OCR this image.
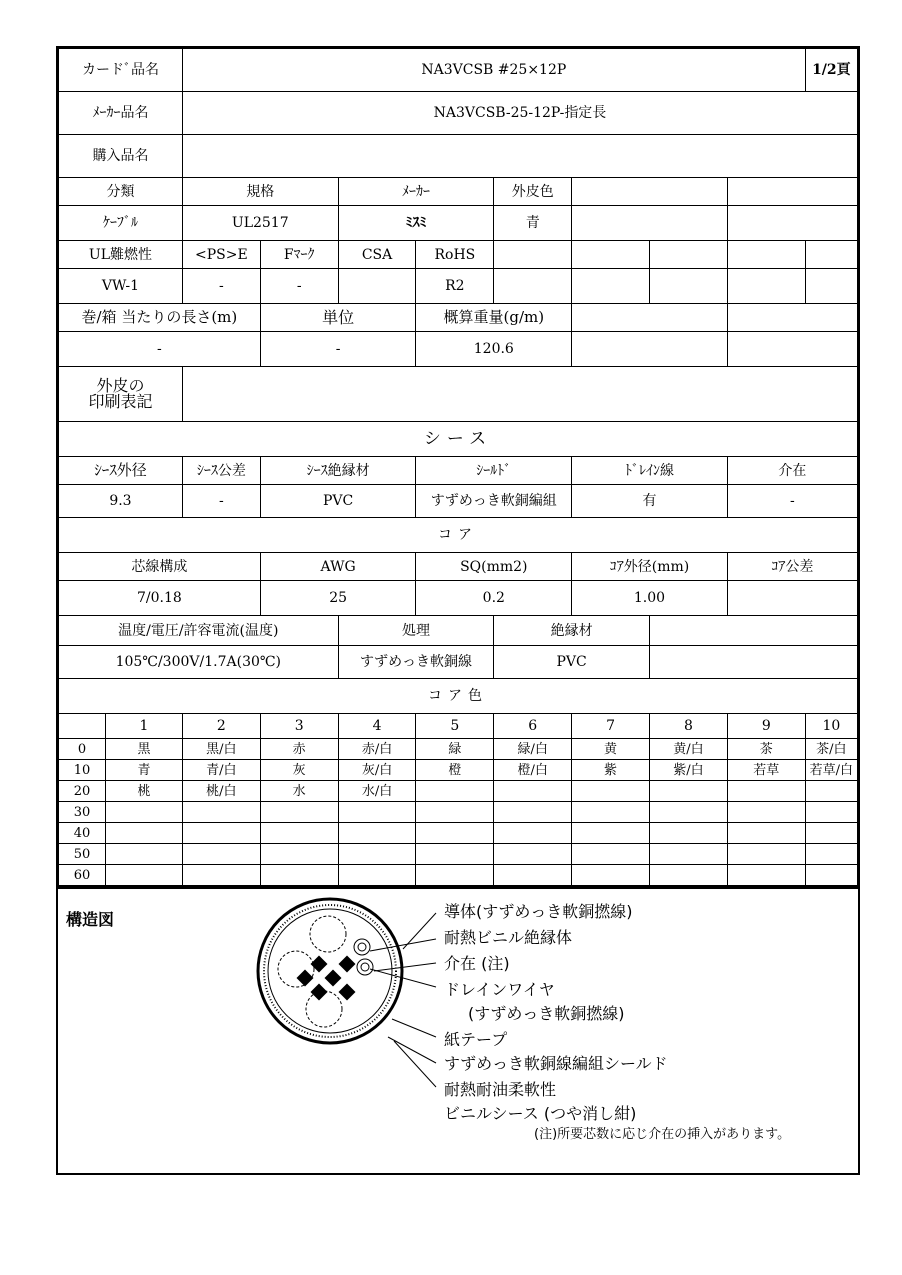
カードﾞ品名		NA3VCSB #25×12P								1/2頁
ﾒｰｶｰ品名		NA3VCSB-25-12P-指定長								
購入品名										
分類		規格		ﾒｰｶｰ		外皮色				
ｹｰﾌﾞﾙ		UL2517		ﾐｽﾐ		青				
UL難燃性		<PS>E	Fﾏｰｸ	CSA	RoHS					
VW-1		-	-		R2					
巻/箱 当たりの長さ(m)			単位		概算重量(g/m)					
-			-		120.6					
外皮の
印刷表記										
シース										
ｼｰｽ外径		ｼｰｽ公差	ｼｰｽ絶縁材		ｼｰﾙﾄﾞ		ﾄﾞﾚｲﾝ線		介在	
9.3		-	PVC		すずめっき軟銅編組		有		-	
コア										
芯線構成			AWG		SQ(mm2)		ｺｱ外径(mm)		ｺｱ公差	
7/0.18			25		0.2		1.00			
温度/電圧/許容電流(温度)				処理		絶縁材				
105℃/300V/1.7A(30℃)				すずめっき軟銅線		PVC				
コア色										
	1	2	3	4	5	6	7	8	9	10
0	黒	黒/白	赤	赤/白	緑	緑/白	黄	黄/白	茶	茶/白
10	青	青/白	灰	灰/白	橙	橙/白	紫	紫/白	若草	若草/白
20	桃	桃/白	水	水/白						
30										
40										
50										
60										
構造図	導体(すずめっき軟銅撚線)
耐熱ビニル絶縁体
介在 (注)
ドレインワイヤ
(すずめっき軟銅撚線)
紙テープ
すずめっき軟銅線編組シールド
耐熱耐油柔軟性
ビニルシース (つや消し紺)
(注)所要芯数に応じ介在の挿入があります。
